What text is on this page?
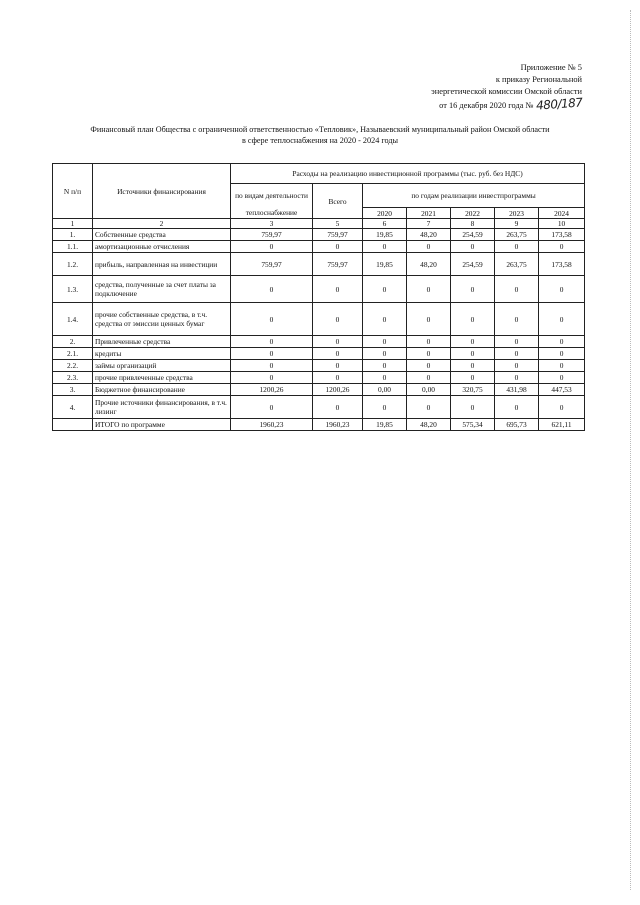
Приложение № 5
к приказу Региональной
энергетической комиссии Омской области
от 16 декабря 2020 года № 480/187
Финансовый план Общества с ограниченной ответственностью «Тепловик», Называевский муниципальный район Омской области
в сфере теплоснабжения на 2020 - 2024 годы
N п/п	Источники финансирования	Расходы на реализацию инвестиционной программы (тыс. руб. без НДС)						
		по видам деятельности	Всего	по годам реализации инвестпрограммы				
		теплоснабжение		2020	2021	2022	2023	2024
1	2	3	5	6	7	8	9	10
1.	Собственные средства	759,97	759,97	19,85	48,20	254,59	263,75	173,58
1.1.	амортизационные отчисления	0	0	0	0	0	0	0
1.2.	прибыль, направленная на инвестиции	759,97	759,97	19,85	48,20	254,59	263,75	173,58
1.3.	средства, полученные за счет платы за подключение	0	0	0	0	0	0	0
1.4.	прочие собственные средства, в т.ч. средства от эмиссии ценных бумаг	0	0	0	0	0	0	0
2.	Привлеченные средства	0	0	0	0	0	0	0
2.1.	кредиты	0	0	0	0	0	0	0
2.2.	займы организаций	0	0	0	0	0	0	0
2.3.	прочие привлеченные средства	0	0	0	0	0	0	0
3.	Бюджетное финансирование	1200,26	1200,26	0,00	0,00	320,75	431,98	447,53
4.	Прочие источники финансирования, в т.ч. лизинг	0	0	0	0	0	0	0
	ИТОГО по программе	1960,23	1960,23	19,85	48,20	575,34	695,73	621,11
